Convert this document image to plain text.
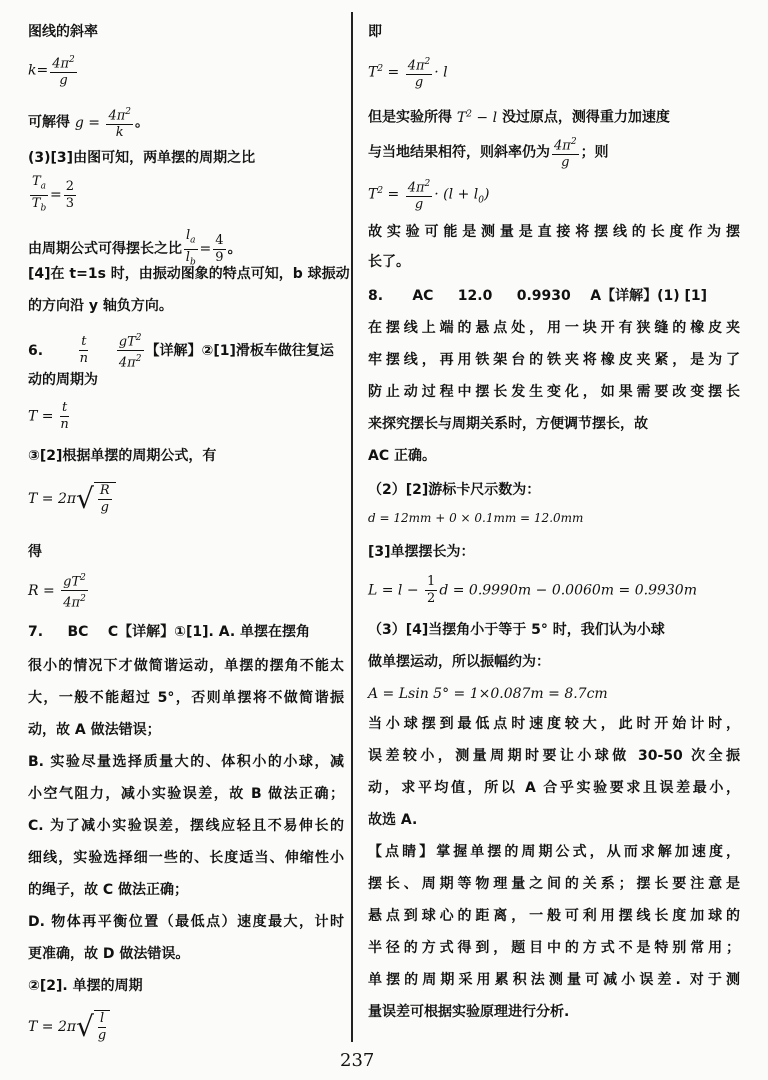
图线的斜率
$k= \frac{4\pi^2}{g}$
可解得 $g = \frac{4\pi^2}{k}$ 。
(3)[3]由图可知，两单摆的周期之比
$\frac{T_a}{T_b} = \frac{2}{3}$
由周期公式可得摆长之比 $\frac{l_a}{l_b} = \frac{4}{9}$ 。
[4]在 t=1s 时，由振动图象的特点可知，b 球振动
的方向沿 y 轴负方向。
6.	$\frac{t}{n}$
$\frac{gT^2}{4\pi^2}$ 【详解】②[1]滑板车做往复运
动的周期为
$T = \frac{t}{n}$
③[2]根据单摆的周期公式，有
T = 2π √ $\frac{R}{g}$
得
$R = \frac{gT^2}{4\pi^2}$
7. BC C【详解】①[1]. A. 单摆在摆角
很小的情况下才做简谐运动，单摆的摆角不能太
大，一般不能超过 5°，否则单摆将不做简谐振
动，故 A 做法错误；
B. 实验尽量选择质量大的、体积小的小球，减
小空气阻力，减小实验误差，故 B 做法正确；
C. 为了减小实验误差，摆线应轻且不易伸长的
细线，实验选择细一些的、长度适当、伸缩性小
的绳子，故 C 做法正确；
D. 物体再平衡位置（最低点）速度最大，计时
更准确，故 D 做法错误。
②[2]. 单摆的周期
T = 2π √ $\frac{l}{g}$
即
$T^2 = \frac{4\pi^2}{g} \cdot l$
但是实验所得 $T^2 - l$ 没过原点，测得重力加速度
与当地结果相符，则斜率仍为 $\frac{4\pi^2}{g}$ ；则
$T^2 = \frac{4\pi^2}{g} \cdot (l + l_0)$
故实验可能是测量是直接将摆线的长度作为摆
长了。
8. AC 12.0 0.9930 A【详解】(1) [1]
在摆线上端的悬点处，用一块开有狭缝的橡皮夹
牢摆线，再用铁架台的铁夹将橡皮夹紧，是为了
防止动过程中摆长发生变化，如果需要改变摆长
来探究摆长与周期关系时，方便调节摆长，故
AC 正确。
（2）[2]游标卡尺示数为：
d = 12mm + 0 × 0.1mm = 12.0mm
[3]单摆摆长为：
$L = l - \frac{1}{2}$ d = 0.9990m − 0.0060m = 0.9930m
（3）[4]当摆角小于等于 5° 时，我们认为小球
做单摆运动，所以振幅约为：
A = Lsin 5° = 1×0.087m = 8.7cm
当小球摆到最低点时速度较大，此时开始计时，
误差较小，测量周期时要让小球做 30-50 次全振
动，求平均值，所以 A 合乎实验要求且误差最小，
故选 A.
【点睛】掌握单摆的周期公式，从而求解加速度，
摆长、周期等物理量之间的关系；摆长要注意是
悬点到球心的距离，一般可利用摆线长度加球的
半径的方式得到，题目中的方式不是特别常用；
单摆的周期采用累积法测量可减小误差. 对于测
量误差可根据实验原理进行分析.
237
